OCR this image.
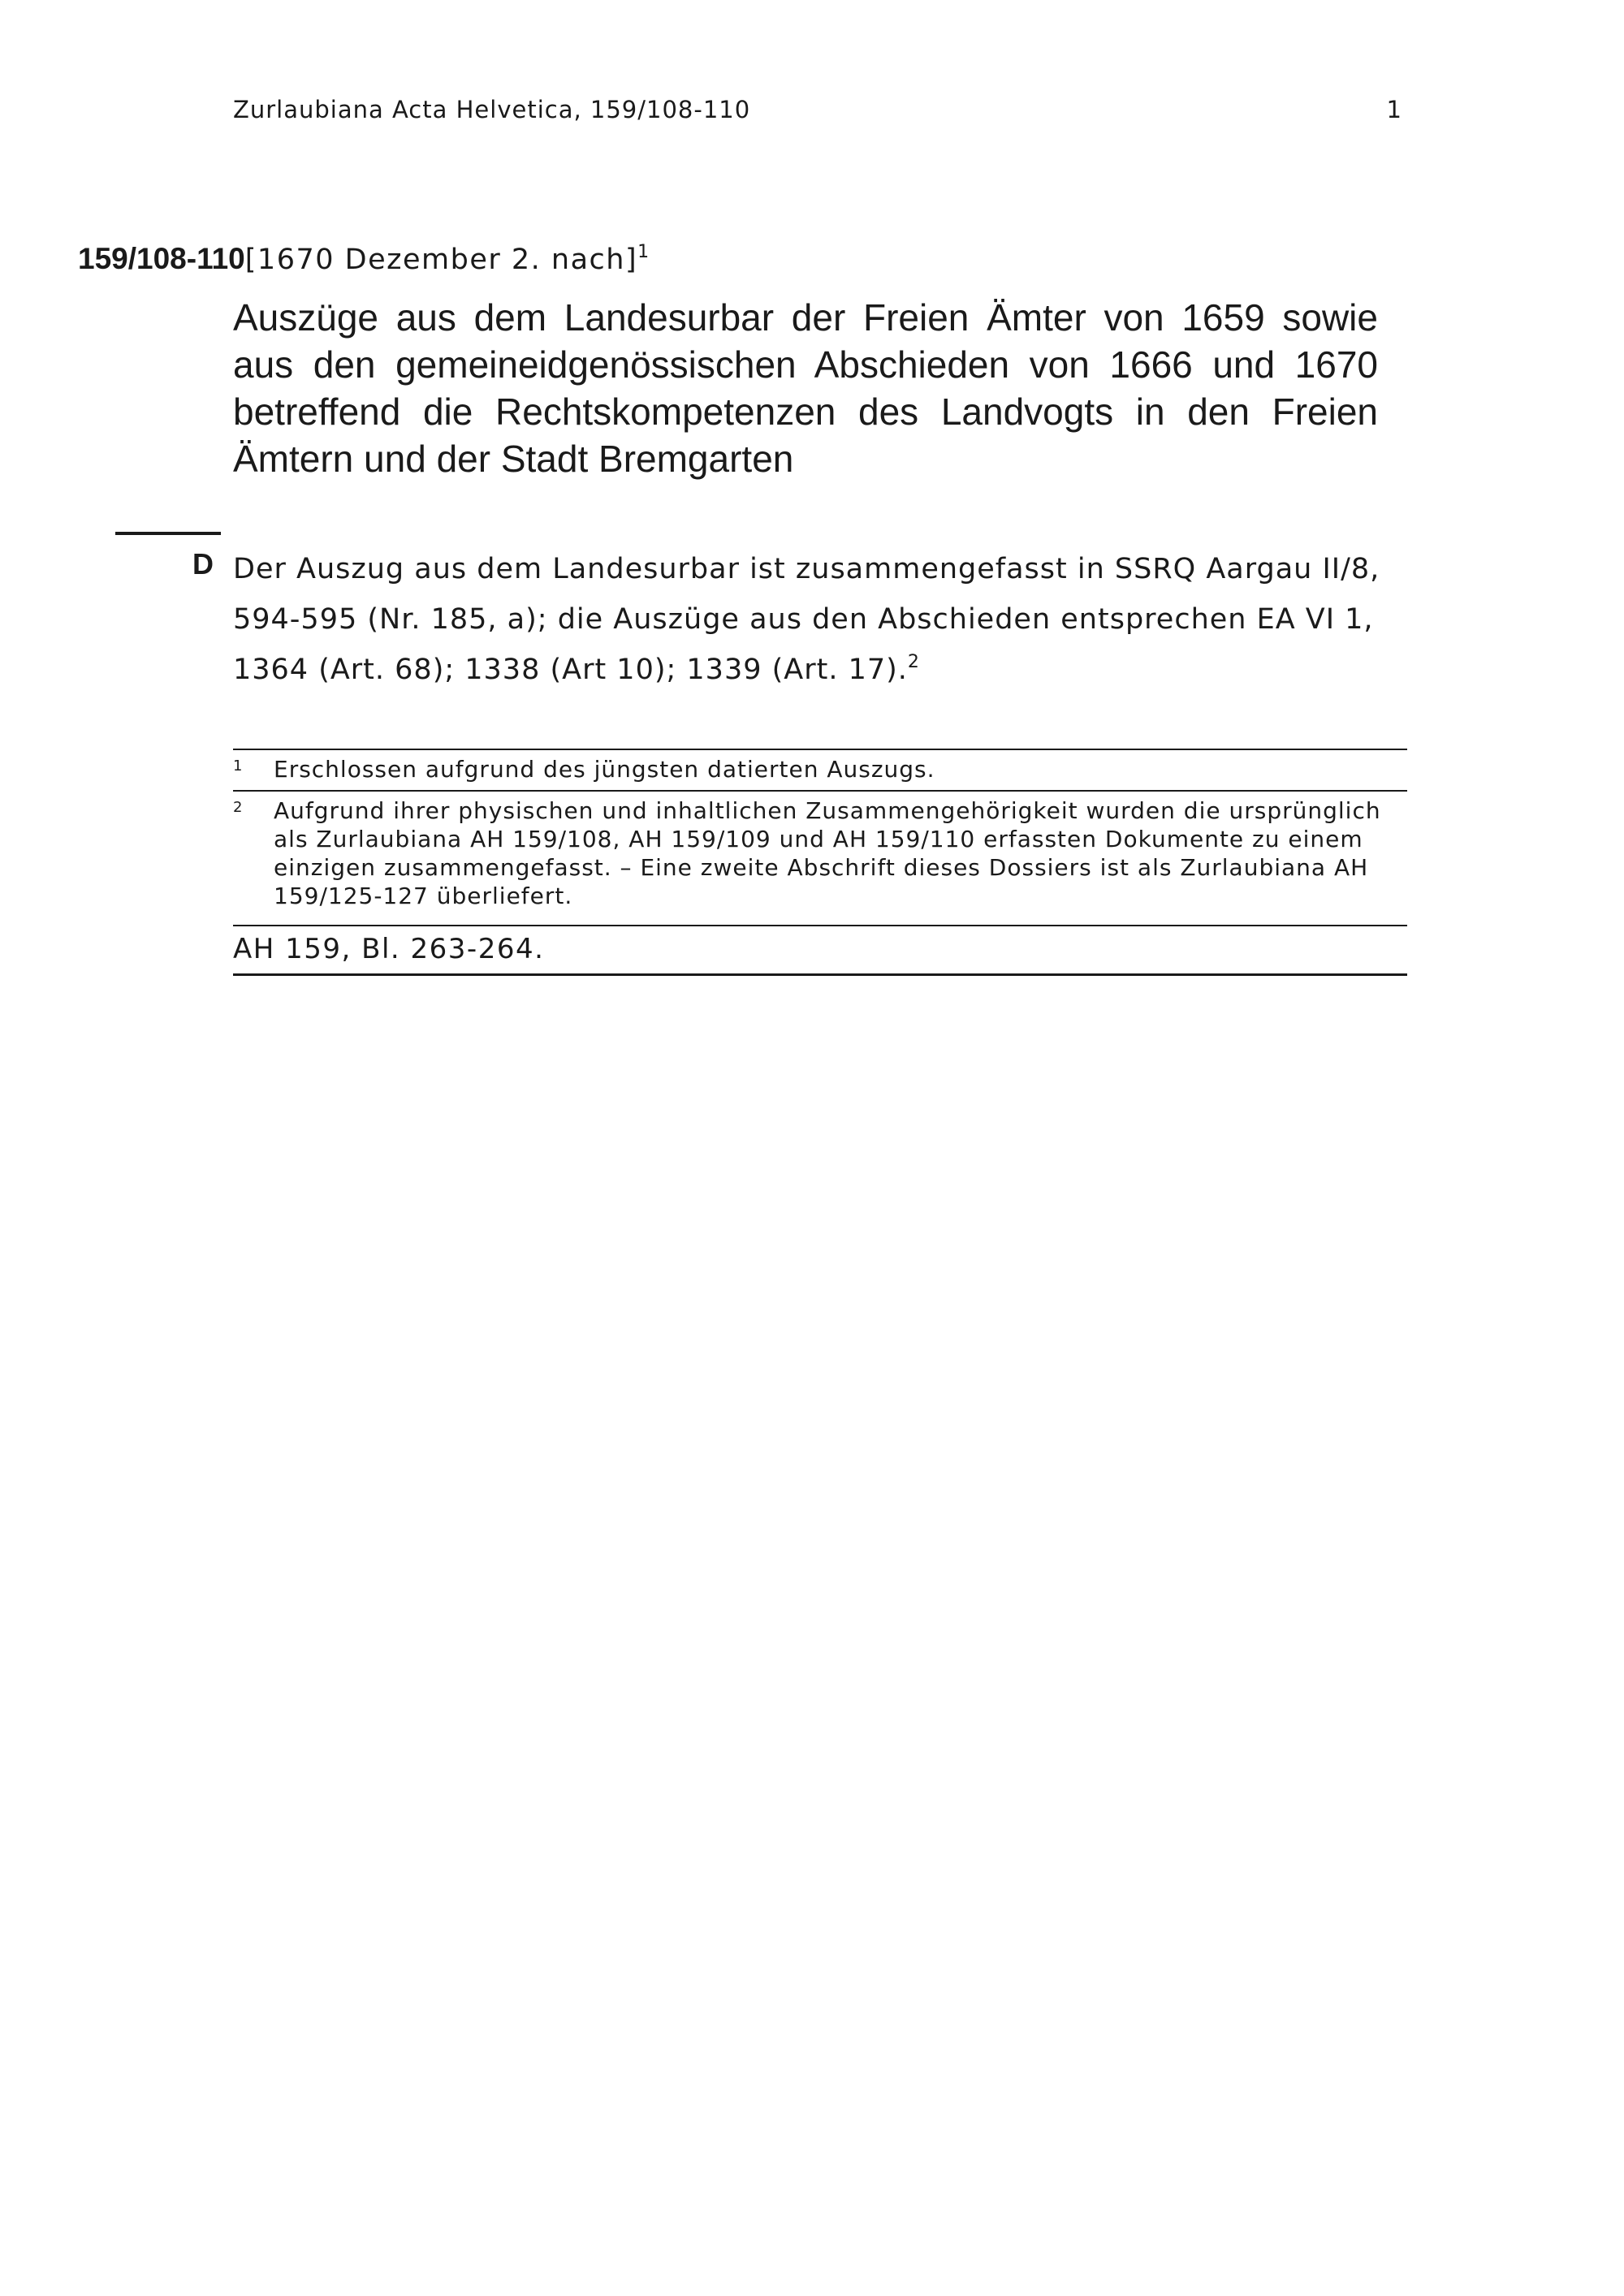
Zurlaubiana Acta Helvetica, 159/108-110	1
159/108-110[1670 Dezember 2. nach]$^1$
Auszüge aus dem Landesurbar der Freien Ämter von 1659 sowie aus den gemeineidgenössischen Abschieden von 1666 und 1670 betreffend die Rechtskompetenzen des Landvogts in den Freien Ämtern und der Stadt Bremgarten
D Der Auszug aus dem Landesurbar ist zusammengefasst in SSRQ Aargau II/8, 594-595 (Nr. 185, a); die Auszüge aus den Abschieden entsprechen EA VI 1, 1364 (Art. 68); 1338 (Art 10); 1339 (Art. 17).$^2$

1 Erschlossen aufgrund des jüngsten datierten Auszugs.
2 Aufgrund ihrer physischen und inhaltlichen Zusammengehörigkeit wurden die ursprünglich als Zurlaubiana AH 159/108, AH 159/109 und AH 159/110 erfassten Dokumente zu einem einzigen zusammengefasst. – Eine zweite Abschrift dieses Dossiers ist als Zurlaubiana AH 159/125-127 überliefert.
AH 159, Bl. 263-264.
